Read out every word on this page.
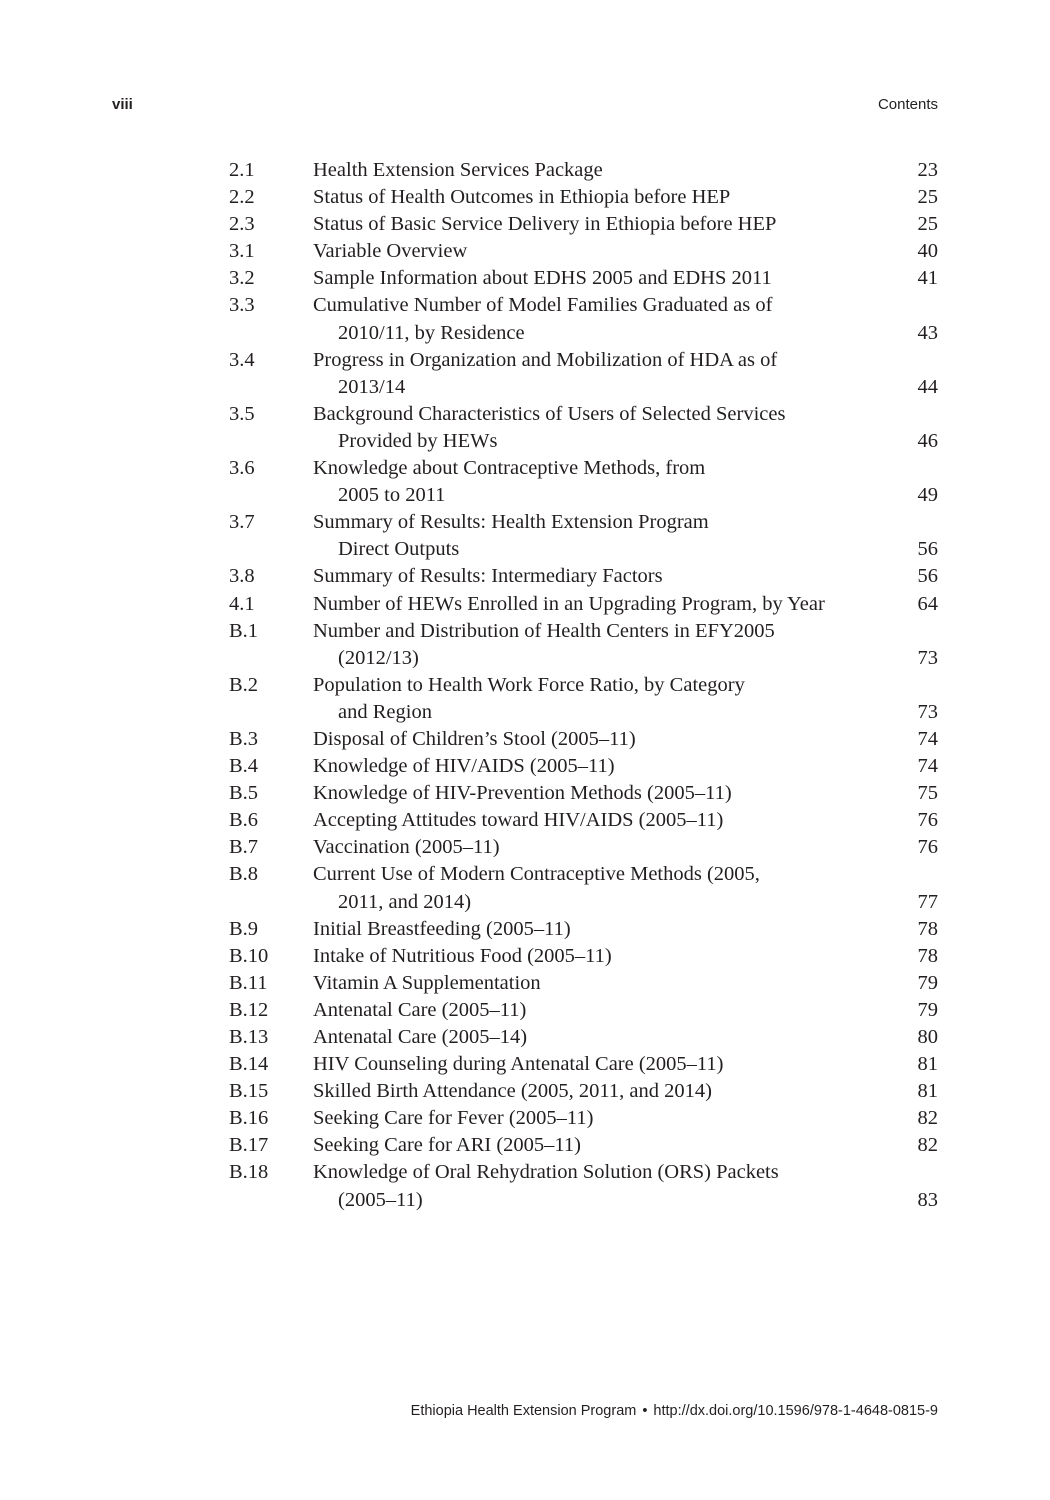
viii	Contents
2.1	Health Extension Services Package	23
2.2	Status of Health Outcomes in Ethiopia before HEP	25
2.3	Status of Basic Service Delivery in Ethiopia before HEP	25
3.1	Variable Overview	40
3.2	Sample Information about EDHS 2005 and EDHS 2011	41
3.3	Cumulative Number of Model Families Graduated as of
2010/11, by Residence	43
3.4	Progress in Organization and Mobilization of HDA as of
2013/14	44
3.5	Background Characteristics of Users of Selected Services
Provided by HEWs	46
3.6	Knowledge about Contraceptive Methods, from
2005 to 2011	49
3.7	Summary of Results: Health Extension Program
Direct Outputs	56
3.8	Summary of Results: Intermediary Factors	56
4.1	Number of HEWs Enrolled in an Upgrading Program, by Year	64
B.1	Number and Distribution of Health Centers in EFY2005
(2012/13)	73
B.2	Population to Health Work Force Ratio, by Category
and Region	73
B.3	Disposal of Children’s Stool (2005–11)	74
B.4	Knowledge of HIV/AIDS (2005–11)	74
B.5	Knowledge of HIV-Prevention Methods (2005–11)	75
B.6	Accepting Attitudes toward HIV/AIDS (2005–11)	76
B.7	Vaccination (2005–11)	76
B.8	Current Use of Modern Contraceptive Methods (2005,
2011, and 2014)	77
B.9	Initial Breastfeeding (2005–11)	78
B.10	Intake of Nutritious Food (2005–11)	78
B.11	Vitamin A Supplementation	79
B.12	Antenatal Care (2005–11)	79
B.13	Antenatal Care (2005–14)	80
B.14	HIV Counseling during Antenatal Care (2005–11)	81
B.15	Skilled Birth Attendance (2005, 2011, and 2014)	81
B.16	Seeking Care for Fever (2005–11)	82
B.17	Seeking Care for ARI (2005–11)	82
B.18	Knowledge of Oral Rehydration Solution (ORS) Packets
(2005–11)	83
Ethiopia Health Extension Program • http://dx.doi.org/10.1596/978-1-4648-0815-9
